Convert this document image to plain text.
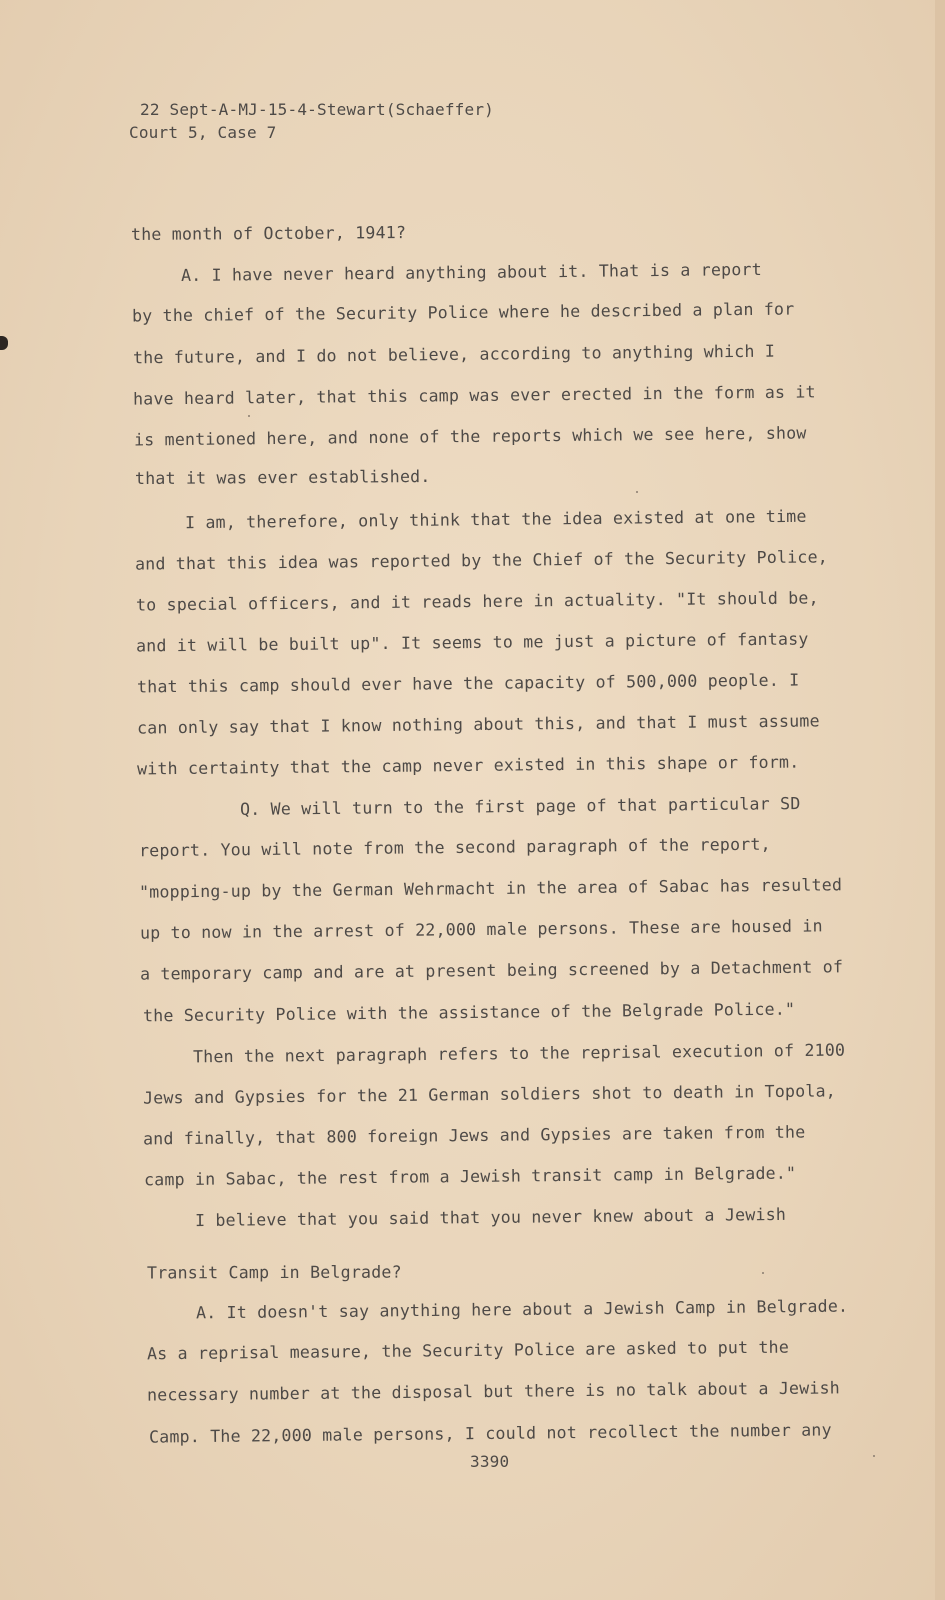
22 Sept-A-MJ-15-4-Stewart(Schaeffer)
Court 5, Case 7
the month of October, 1941?
A. I have never heard anything about it. That is a report
by the chief of the Security Police where he described a plan for
the future, and I do not believe, according to anything which I
have heard later, that this camp was ever erected in the form as it
is mentioned here, and none of the reports which we see here, show
that it was ever established.
I am, therefore, only think that the idea existed at one time
and that this idea was reported by the Chief of the Security Police,
to special officers, and it reads here in actuality. "It should be,
and it will be built up". It seems to me just a picture of fantasy
that this camp should ever have the capacity of 500,000 people. I
can only say that I know nothing about this, and that I must assume
with certainty that the camp never existed in this shape or form.
Q. We will turn to the first page of that particular SD
report. You will note from the second paragraph of the report,
"mopping-up by the German Wehrmacht in the area of Sabac has resulted
up to now in the arrest of 22,000 male persons. These are housed in
a temporary camp and are at present being screened by a Detachment of
the Security Police with the assistance of the Belgrade Police."
Then the next paragraph refers to the reprisal execution of 2100
Jews and Gypsies for the 21 German soldiers shot to death in Topola,
and finally, that 800 foreign Jews and Gypsies are taken from the
camp in Sabac, the rest from a Jewish transit camp in Belgrade."
I believe that you said that you never knew about a Jewish
Transit Camp in Belgrade?
A. It doesn't say anything here about a Jewish Camp in Belgrade.
As a reprisal measure, the Security Police are asked to put the
necessary number at the disposal but there is no talk about a Jewish
Camp. The 22,000 male persons, I could not recollect the number any
3390
